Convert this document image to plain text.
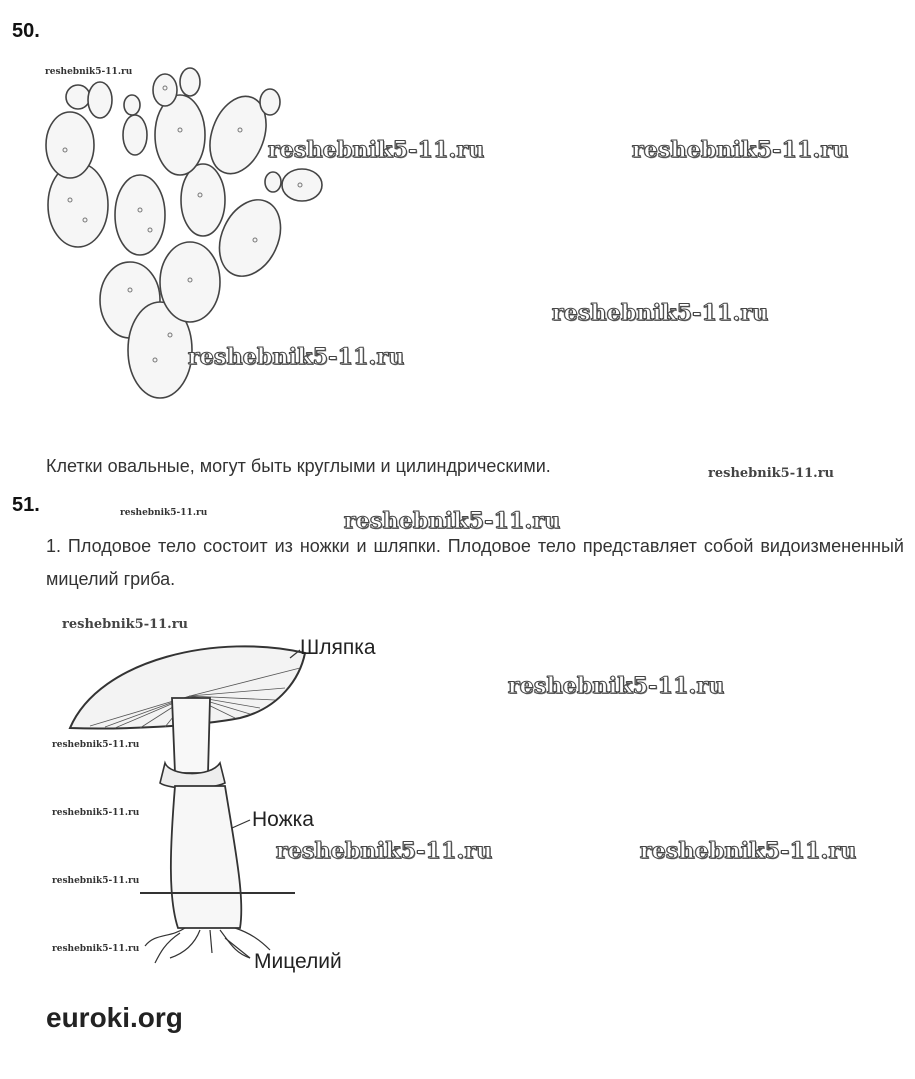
50.
reshebnik5-11.ru
reshebnik5-11.ru	reshebnik5-11.ru
reshebnik5-11.ru
reshebnik5-11.ru
Клетки овальные, могут быть круглыми и цилиндрическими.	reshebnik5-11.ru
51.	reshebnik5-11.ru	reshebnik5-11.ru
1. Плодовое тело состоит из ножки и шляпки. Плодовое тело представляет собой видоизмененный мицелий гриба.
reshebnik5-11.ru
Шляпка
Ножка
Мицелий
reshebnik5-11.ru
reshebnik5-11.ru
reshebnik5-11.ru
reshebnik5-11.ru	reshebnik5-11.ru
reshebnik5-11.ru
reshebnik5-11.ru
euroki.org
